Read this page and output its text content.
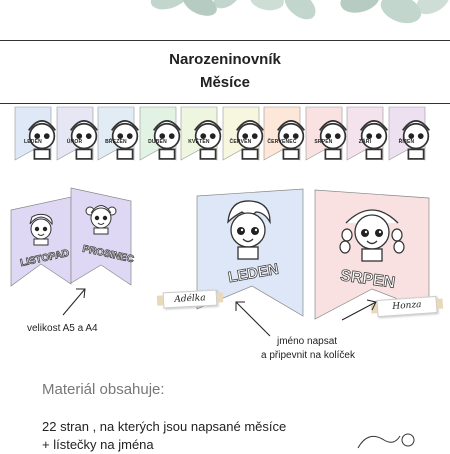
Narozeninovník
Měsíce
LEDEN	ÚNOR	BŘEZEN	DUBEN	KVĚTEN	ČERVEN	ČERVENEC	SRPEN	ZÁŘÍ	ŘÍJEN
LISTOPAD PROSINEC
velikost A5 a A4
LEDEN
Adélka
SRPEN
Honza
jméno napsat
a připevnit na kolíček
Materiál obsahuje:
22 stran , na kterých jsou napsané měsíce
+ lístečky na jména
